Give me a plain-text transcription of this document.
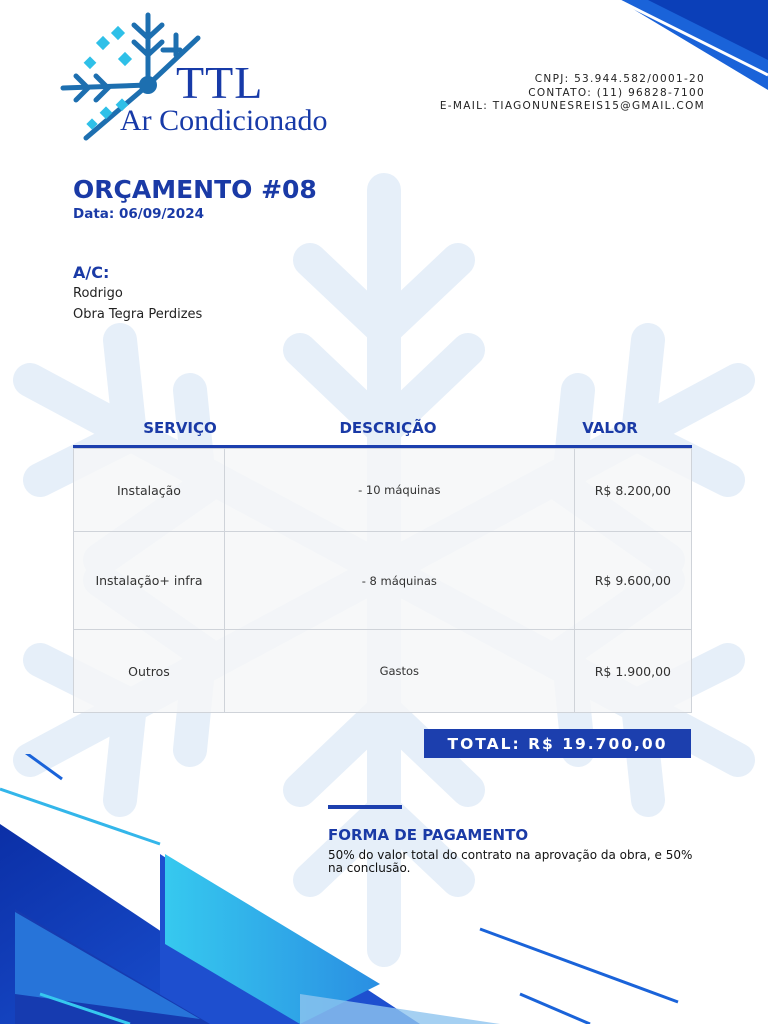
TTL
Ar Condicionado
CNPJ: 53.944.582/0001-20
CONTATO: (11) 96828-7100
E-MAIL: TIAGONUNESREIS15@GMAIL.COM
ORÇAMENTO #08
Data: 06/09/2024
A/C:
Rodrigo
Obra Tegra Perdizes
SERVIÇO	DESCRIÇÃO	VALOR
Instalação	- 10 máquinas	R$ 8.200,00
Instalação+ infra	- 8 máquinas	R$ 9.600,00
Outros	Gastos	R$ 1.900,00
TOTAL: R$ 19.700,00
FORMA DE PAGAMENTO
50% do valor total do contrato na aprovação da obra, e 50% na conclusão.
